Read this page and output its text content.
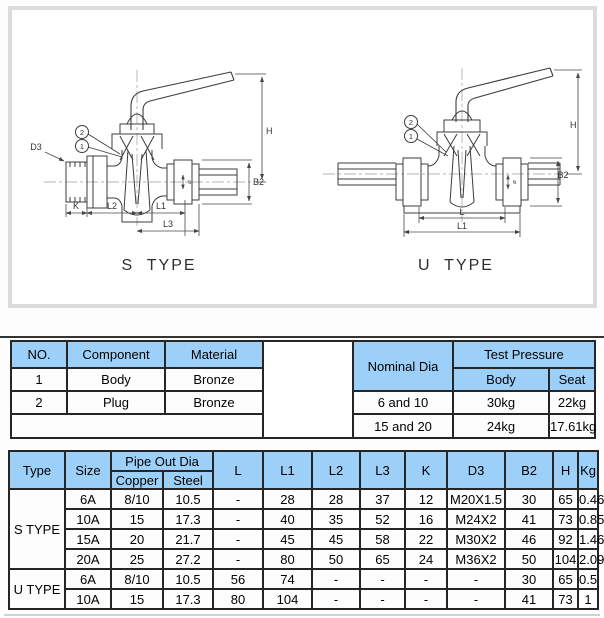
⌀
H
B2
D3
K	L2	L1
L3
2
1
⌀
H
B2
L
L1
2
1
S  TYPE	U  TYPE
NO.	Component	Material		Nominal Dia	Test Pressure	
1	Body	Bronze			Body	Seat
2	Plug	Bronze		6 and 10	30kg	22kg
				15 and 20	24kg	17.61kg
Type	Size	Pipe Out Dia		L	L1	L2	L3	K	D3	B2	H	Kg
		Copper	Steel									
S TYPE	6A	8/10	10.5	-	28	28	37	12	M20X1.5	30	65	0.46
	10A	15	17.3	-	40	35	52	16	M24X2	41	73	0.85
	15A	20	21.7	-	45	45	58	22	M30X2	46	92	1.46
	20A	25	27.2	-	80	50	65	24	M36X2	50	104	2.09
U TYPE	6A	8/10	10.5	56	74	-	-	-	-	30	65	0.5
	10A	15	17.3	80	104	-	-	-	-	41	73	1
